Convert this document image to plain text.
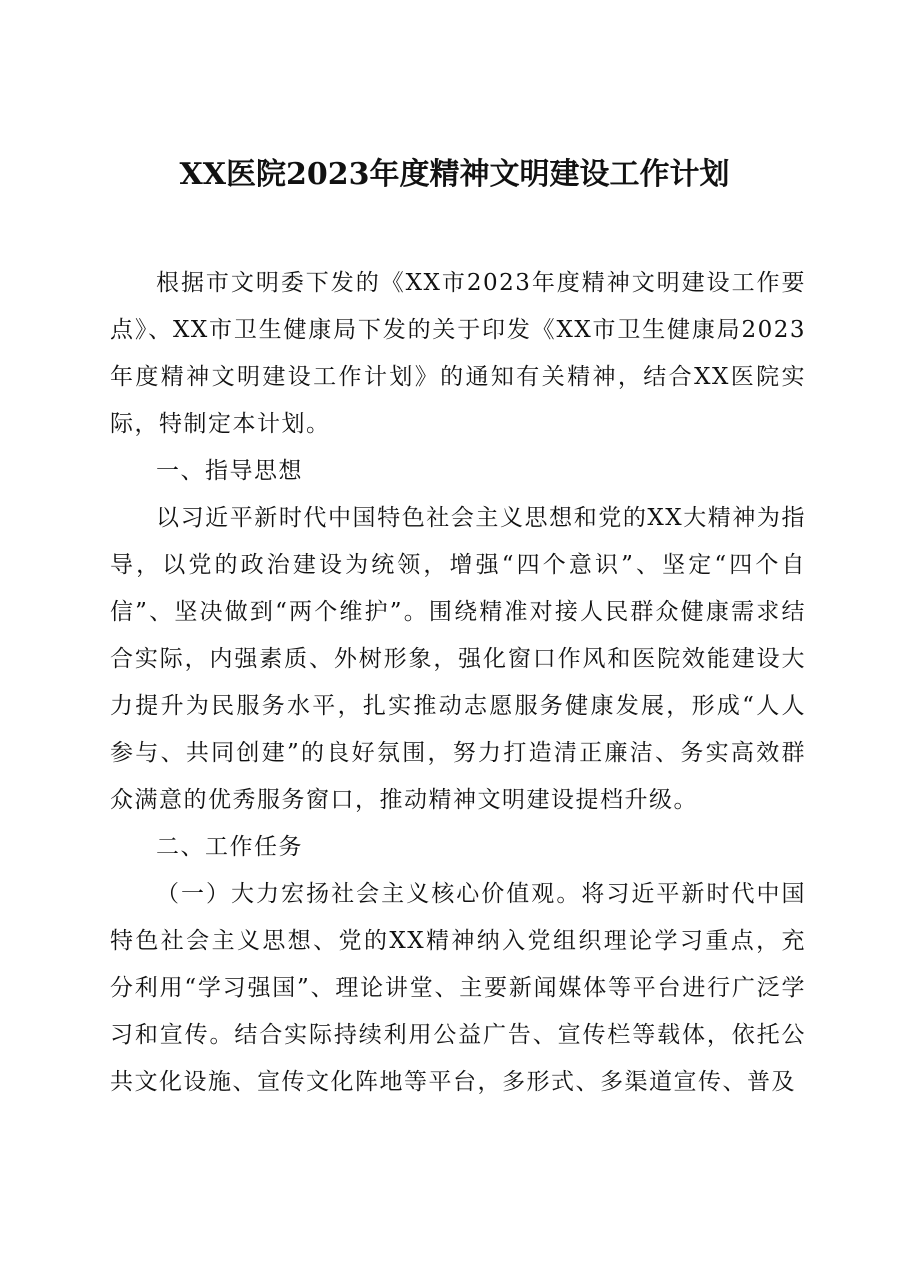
XX医院2023年度精神文明建设工作计划

根据市文明委下发的《XX市2023年度精神文明建设工作要点》、XX市卫生健康局下发的关于印发《XX市卫生健康局2023年度精神文明建设工作计划》的通知有关精神，结合XX医院实际，特制定本计划。

一、指导思想

以习近平新时代中国特色社会主义思想和党的XX大精神为指导，以党的政治建设为统领，增强“四个意识”、坚定“四个自信”、坚决做到“两个维护”。围绕精准对接人民群众健康需求结合实际，内强素质、外树形象，强化窗口作风和医院效能建设大力提升为民服务水平，扎实推动志愿服务健康发展，形成“人人参与、共同创建”的良好氛围，努力打造清正廉洁、务实高效群众满意的优秀服务窗口，推动精神文明建设提档升级。

二、工作任务

（一）大力宏扬社会主义核心价值观。将习近平新时代中国特色社会主义思想、党的XX精神纳入党组织理论学习重点，充分利用“学习强国”、理论讲堂、主要新闻媒体等平台进行广泛学习和宣传。结合实际持续利用公益广告、宣传栏等载体，依托公共文化设施、宣传文化阵地等平台，多形式、多渠道宣传、普及
